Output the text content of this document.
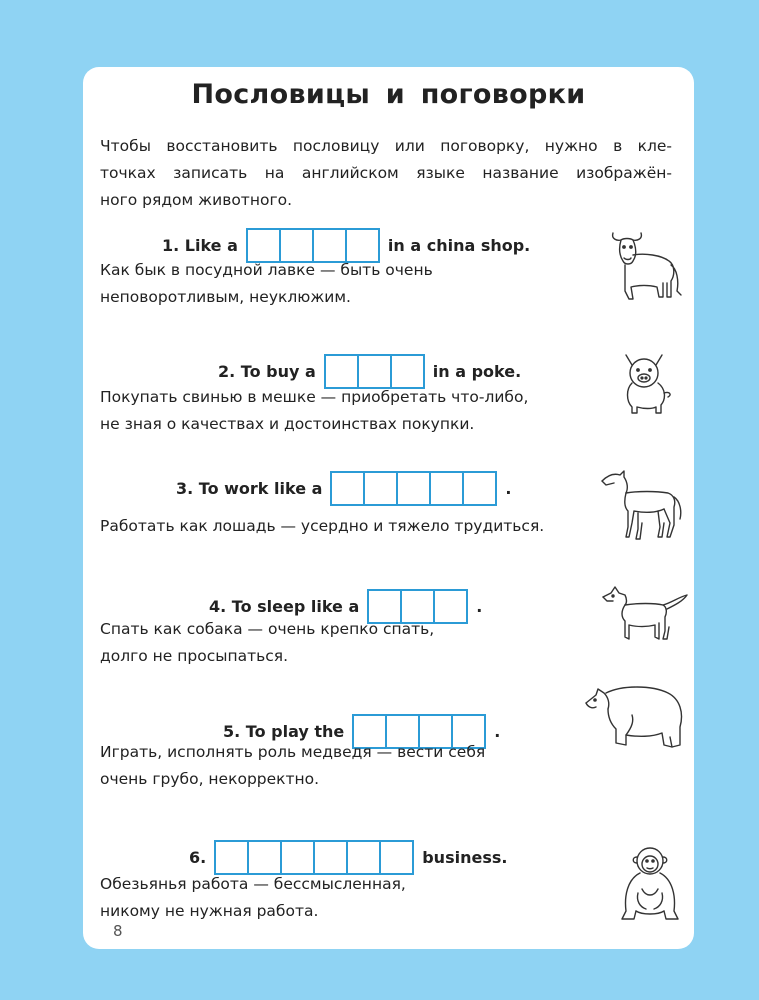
Пословицы и поговорки
Чтобы восстановить пословицу или поговорку, нужно в кле-
точках записать на английском языке название изображён-
ного рядом животного.
1. Like a	in a china shop.
Как бык в посудной лавке — быть очень
неповоротливым, неуклюжим.
2. To buy a	in a poke.
Покупать свинью в мешке — приобретать что-либо,
не зная о качествах и достоинствах покупки.
3. To work like a	.
Работать как лошадь — усердно и тяжело трудиться.
4. To sleep like a	.
Спать как собака — очень крепко спать,
долго не просыпаться.
5. To play the	.
Играть, исполнять роль медведя — вести себя
очень грубо, некорректно.
6.	business.
Обезьянья работа — бессмысленная,
никому не нужная работа.
8
